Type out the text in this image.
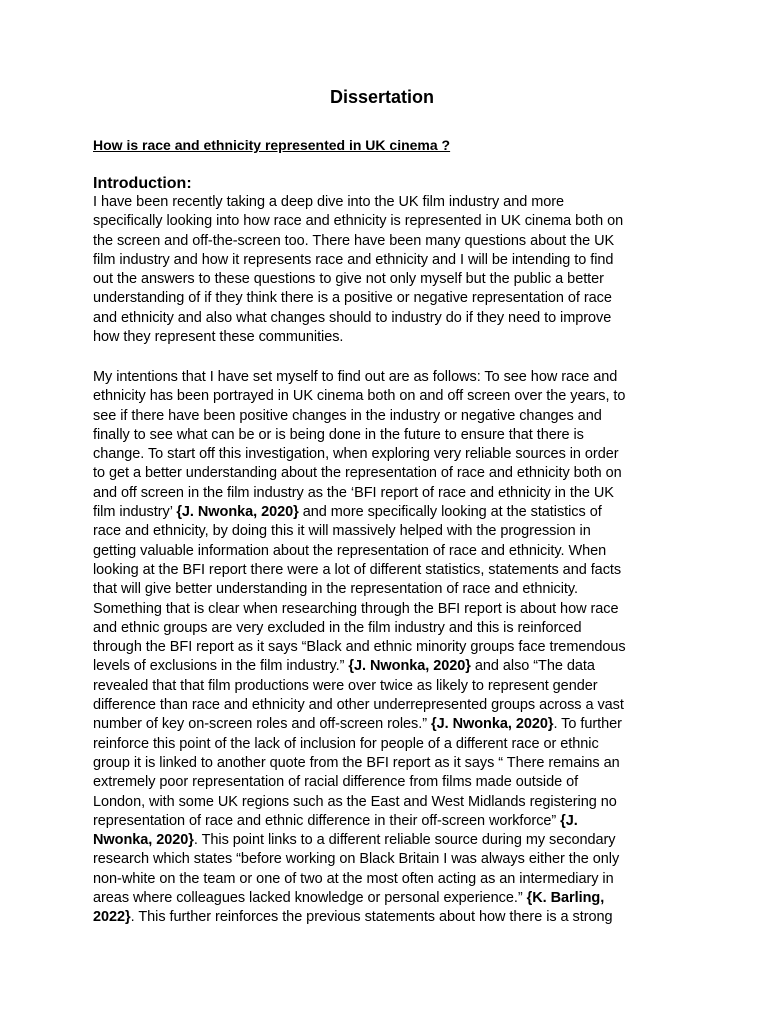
Dissertation

How is race and ethnicity represented in UK cinema ?

Introduction:
I have been recently taking a deep dive into the UK film industry and more
specifically looking into how race and ethnicity is represented in UK cinema both on
the screen and off-the-screen too. There have been many questions about the UK
film industry and how it represents race and ethnicity and I will be intending to find
out the answers to these questions to give not only myself but the public a better
understanding of if they think there is a positive or negative representation of race
and ethnicity and also what changes should to industry do if they need to improve
how they represent these communities.
My intentions that I have set myself to find out are as follows: To see how race and
ethnicity has been portrayed in UK cinema both on and off screen over the years, to
see if there have been positive changes in the industry or negative changes and
finally to see what can be or is being done in the future to ensure that there is
change. To start off this investigation, when exploring very reliable sources in order
to get a better understanding about the representation of race and ethnicity both on
and off screen in the film industry as the ‘BFI report of race and ethnicity in the UK
film industry’ {J. Nwonka, 2020} and more specifically looking at the statistics of
race and ethnicity, by doing this it will massively helped with the progression in
getting valuable information about the representation of race and ethnicity. When
looking at the BFI report there were a lot of different statistics, statements and facts
that will give better understanding in the representation of race and ethnicity.
Something that is clear when researching through the BFI report is about how race
and ethnic groups are very excluded in the film industry and this is reinforced
through the BFI report as it says “Black and ethnic minority groups face tremendous
levels of exclusions in the film industry.” {J. Nwonka, 2020} and also “The data
revealed that that film productions were over twice as likely to represent gender
difference than race and ethnicity and other underrepresented groups across a vast
number of key on-screen roles and off-screen roles.” {J. Nwonka, 2020}. To further
reinforce this point of the lack of inclusion for people of a different race or ethnic
group it is linked to another quote from the BFI report as it says “ There remains an
extremely poor representation of racial difference from films made outside of
London, with some UK regions such as the East and West Midlands registering no
representation of race and ethnic difference in their off-screen workforce” {J.
Nwonka, 2020}. This point links to a different reliable source during my secondary
research which states “before working on Black Britain I was always either the only
non-white on the team or one of two at the most often acting as an intermediary in
areas where colleagues lacked knowledge or personal experience.” {K. Barling,
2022}. This further reinforces the previous statements about how there is a strong
